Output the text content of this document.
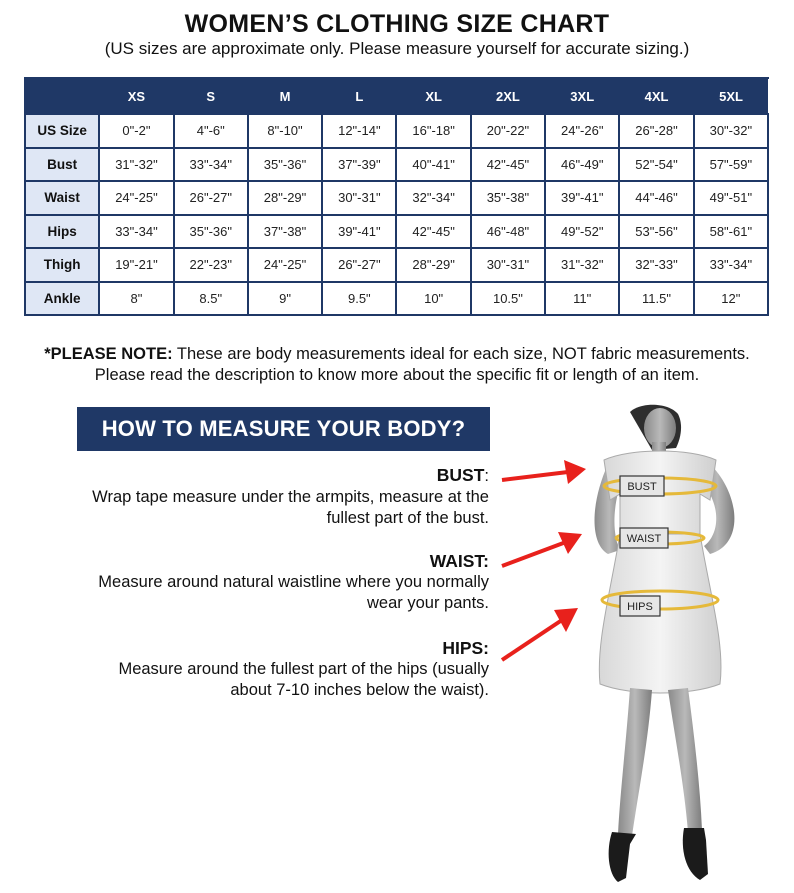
WOMEN’S CLOTHING SIZE CHART
(US sizes are approximate only. Please measure yourself for accurate sizing.)
	XS	S	M	L	XL	2XL	3XL	4XL	5XL
US Size	0"-2"	4"-6"	8"-10"	12"-14"	16"-18"	20"-22"	24"-26"	26"-28"	30"-32"
Bust	31"-32"	33"-34"	35"-36"	37"-39"	40"-41"	42"-45"	46"-49"	52"-54"	57"-59"
Waist	24"-25"	26"-27"	28"-29"	30"-31"	32"-34"	35"-38"	39"-41"	44"-46"	49"-51"
Hips	33"-34"	35"-36"	37"-38"	39"-41"	42"-45"	46"-48"	49"-52"	53"-56"	58"-61"
Thigh	19"-21"	22"-23"	24"-25"	26"-27"	28"-29"	30"-31"	31"-32"	32"-33"	33"-34"
Ankle	8"	8.5"	9"	9.5"	10"	10.5"	11"	11.5"	12"
*PLEASE NOTE: These are body measurements ideal for each size, NOT fabric measurements.
Please read the description to know more about the specific fit or length of an item.
HOW TO MEASURE YOUR BODY?
BUST:
Wrap tape measure under the armpits, measure at the
fullest part of the bust.
WAIST:
Measure around natural waistline where you normally
wear your pants.
HIPS:
Measure around the fullest part of the hips (usually
about 7-10 inches below the waist).
BUST
WAIST
HIPS
